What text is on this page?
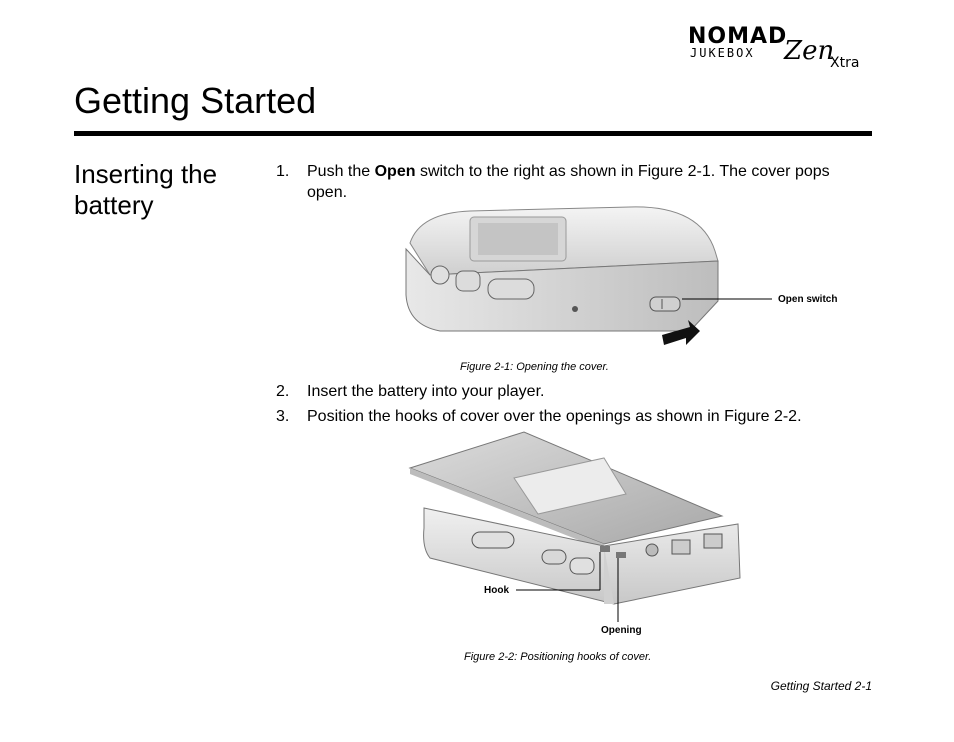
NOMAD
JUKEBOX Zen
Xtra
Getting Started
Inserting the battery
1. Push the Open switch to the right as shown in Figure 2-1. The cover pops open.
Open switch
Figure 2-1: Opening the cover.
2. Insert the battery into your player.
3. Position the hooks of cover over the openings as shown in Figure 2-2.
Hook
Opening
Figure 2-2: Positioning hooks of cover.
Getting Started 2-1
